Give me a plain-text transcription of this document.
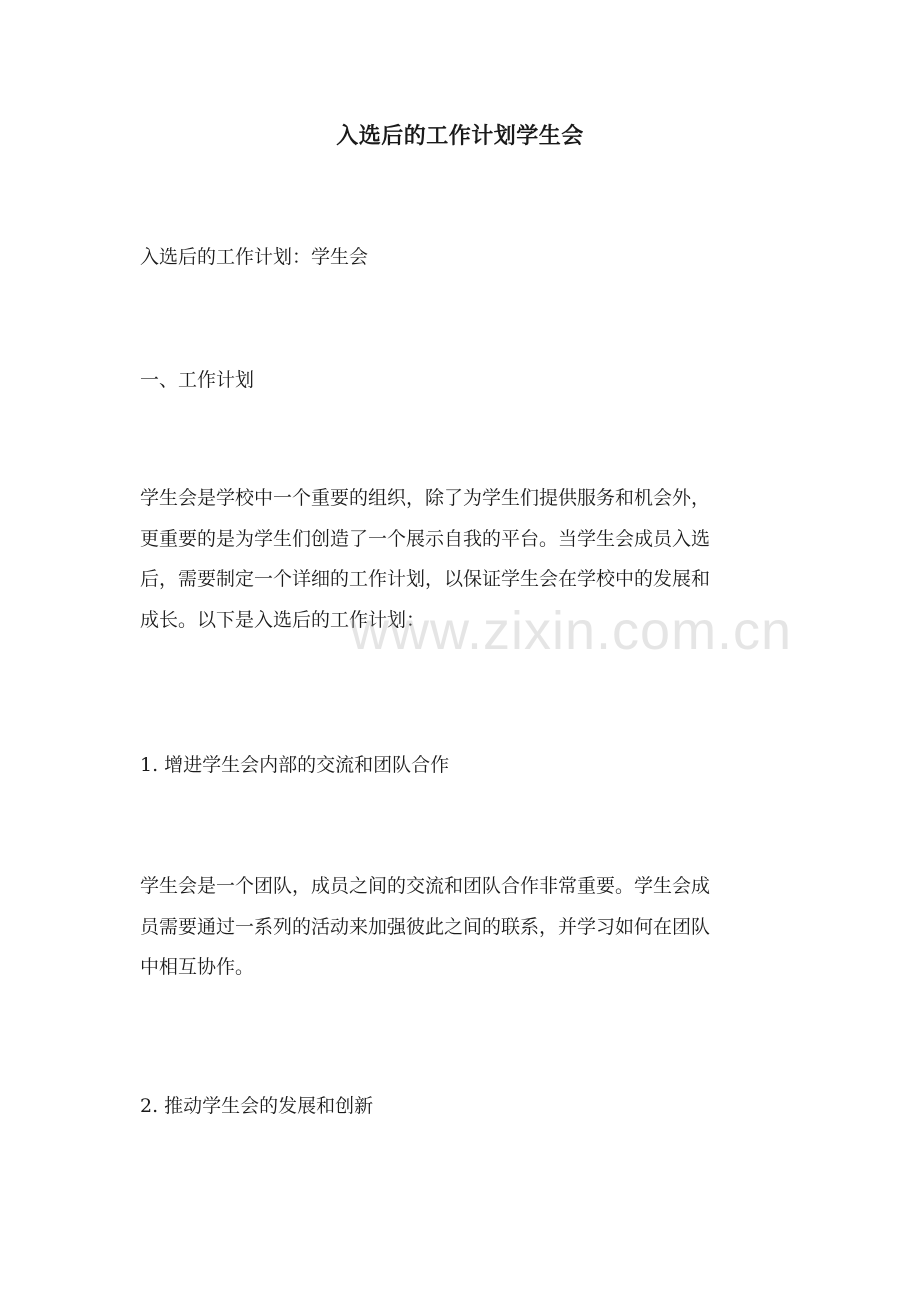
入选后的工作计划学生会

入选后的工作计划：学生会

一、工作计划

学生会是学校中一个重要的组织，除了为学生们提供服务和机会外，
更重要的是为学生们创造了一个展示自我的平台。当学生会成员入选
后，需要制定一个详细的工作计划，以保证学生会在学校中的发展和
成长。以下是入选后的工作计划：

1. 增进学生会内部的交流和团队合作

学生会是一个团队，成员之间的交流和团队合作非常重要。学生会成
员需要通过一系列的活动来加强彼此之间的联系，并学习如何在团队
中相互协作。

2. 推动学生会的发展和创新

www.zixin.com.cn
